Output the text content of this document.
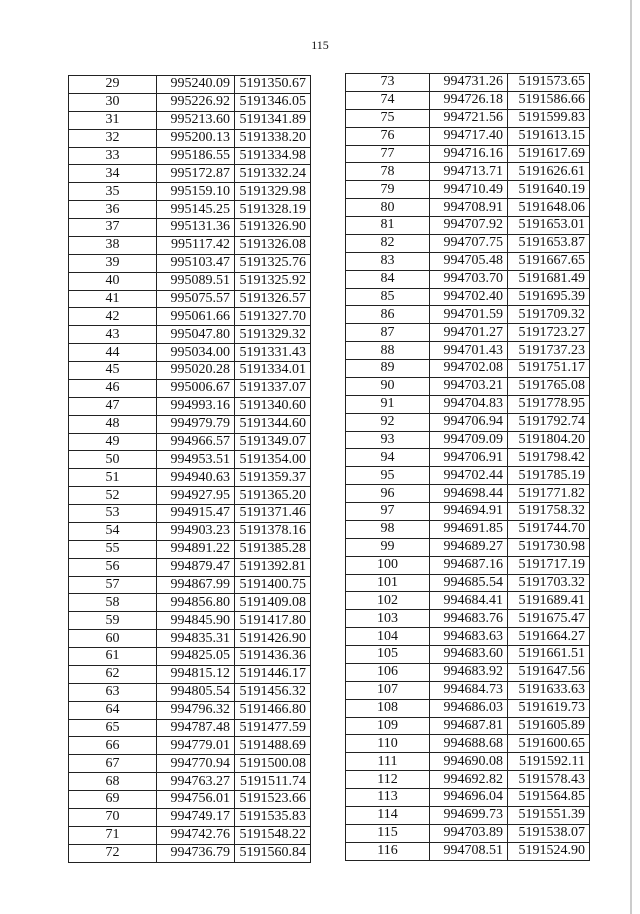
115
29	995240.09	5191350.67
30	995226.92	5191346.05
31	995213.60	5191341.89
32	995200.13	5191338.20
33	995186.55	5191334.98
34	995172.87	5191332.24
35	995159.10	5191329.98
36	995145.25	5191328.19
37	995131.36	5191326.90
38	995117.42	5191326.08
39	995103.47	5191325.76
40	995089.51	5191325.92
41	995075.57	5191326.57
42	995061.66	5191327.70
43	995047.80	5191329.32
44	995034.00	5191331.43
45	995020.28	5191334.01
46	995006.67	5191337.07
47	994993.16	5191340.60
48	994979.79	5191344.60
49	994966.57	5191349.07
50	994953.51	5191354.00
51	994940.63	5191359.37
52	994927.95	5191365.20
53	994915.47	5191371.46
54	994903.23	5191378.16
55	994891.22	5191385.28
56	994879.47	5191392.81
57	994867.99	5191400.75
58	994856.80	5191409.08
59	994845.90	5191417.80
60	994835.31	5191426.90
61	994825.05	5191436.36
62	994815.12	5191446.17
63	994805.54	5191456.32
64	994796.32	5191466.80
65	994787.48	5191477.59
66	994779.01	5191488.69
67	994770.94	5191500.08
68	994763.27	5191511.74
69	994756.01	5191523.66
70	994749.17	5191535.83
71	994742.76	5191548.22
72	994736.79	5191560.84
73	994731.26	5191573.65
74	994726.18	5191586.66
75	994721.56	5191599.83
76	994717.40	5191613.15
77	994716.16	5191617.69
78	994713.71	5191626.61
79	994710.49	5191640.19
80	994708.91	5191648.06
81	994707.92	5191653.01
82	994707.75	5191653.87
83	994705.48	5191667.65
84	994703.70	5191681.49
85	994702.40	5191695.39
86	994701.59	5191709.32
87	994701.27	5191723.27
88	994701.43	5191737.23
89	994702.08	5191751.17
90	994703.21	5191765.08
91	994704.83	5191778.95
92	994706.94	5191792.74
93	994709.09	5191804.20
94	994706.91	5191798.42
95	994702.44	5191785.19
96	994698.44	5191771.82
97	994694.91	5191758.32
98	994691.85	5191744.70
99	994689.27	5191730.98
100	994687.16	5191717.19
101	994685.54	5191703.32
102	994684.41	5191689.41
103	994683.76	5191675.47
104	994683.63	5191664.27
105	994683.60	5191661.51
106	994683.92	5191647.56
107	994684.73	5191633.63
108	994686.03	5191619.73
109	994687.81	5191605.89
110	994688.68	5191600.65
111	994690.08	5191592.11
112	994692.82	5191578.43
113	994696.04	5191564.85
114	994699.73	5191551.39
115	994703.89	5191538.07
116	994708.51	5191524.90
